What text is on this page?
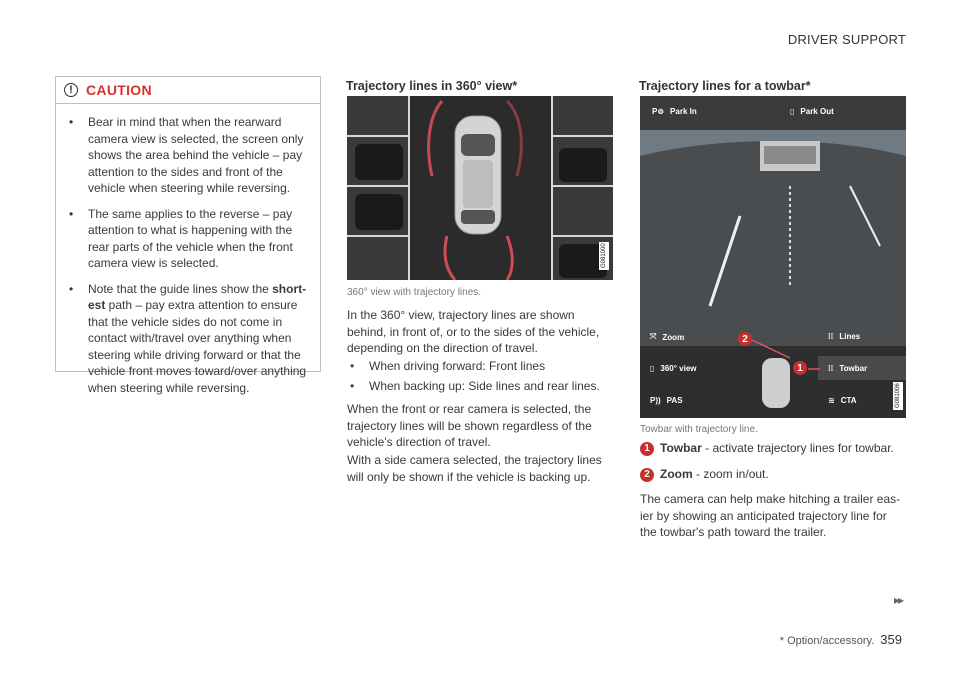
DRIVER SUPPORT
! CAUTION
• Bear in mind that when the rearward camera view is selected, the screen only shows the area behind the vehicle – pay attention to the sides and front of the vehicle when steering while reversing.
• The same applies to the reverse – pay attention to what is happening with the rear parts of the vehicle when the front camera view is selected.
• Note that the guide lines show the short-est path – pay extra attention to ensure that the vehicle sides do not come in contact with/travel over anything when steering while driving forward or that the vehicle front moves toward/over anything when steering while reversing.
Trajectory lines in 360° view*
G081000
360° view with trajectory lines.
In the 360° view, trajectory lines are shown behind, in front of, or to the sides of the vehicle, depending on the direction of travel.
• When driving forward: Front lines
• When backing up: Side lines and rear lines.
When the front or rear camera is selected, the trajectory lines will be shown regardless of the vehicle's direction of travel.
With a side camera selected, the trajectory lines will only be shown if the vehicle is backing up.
Trajectory lines for a towbar*
P⊜ Park In	▯ Park Out
⤧ Zoom
▯ 360° view
P)) PAS
⁞⁞ Lines
⁞⁞ Towbar
≋ CTA
2
1
G081006
Towbar with trajectory line.
1 Towbar - activate trajectory lines for towbar.
2 Zoom - zoom in/out.
The camera can help make hitching a trailer eas-ier by showing an anticipated trajectory line for the towbar's path toward the trailer.
▸▸
* Option/accessory. 359
